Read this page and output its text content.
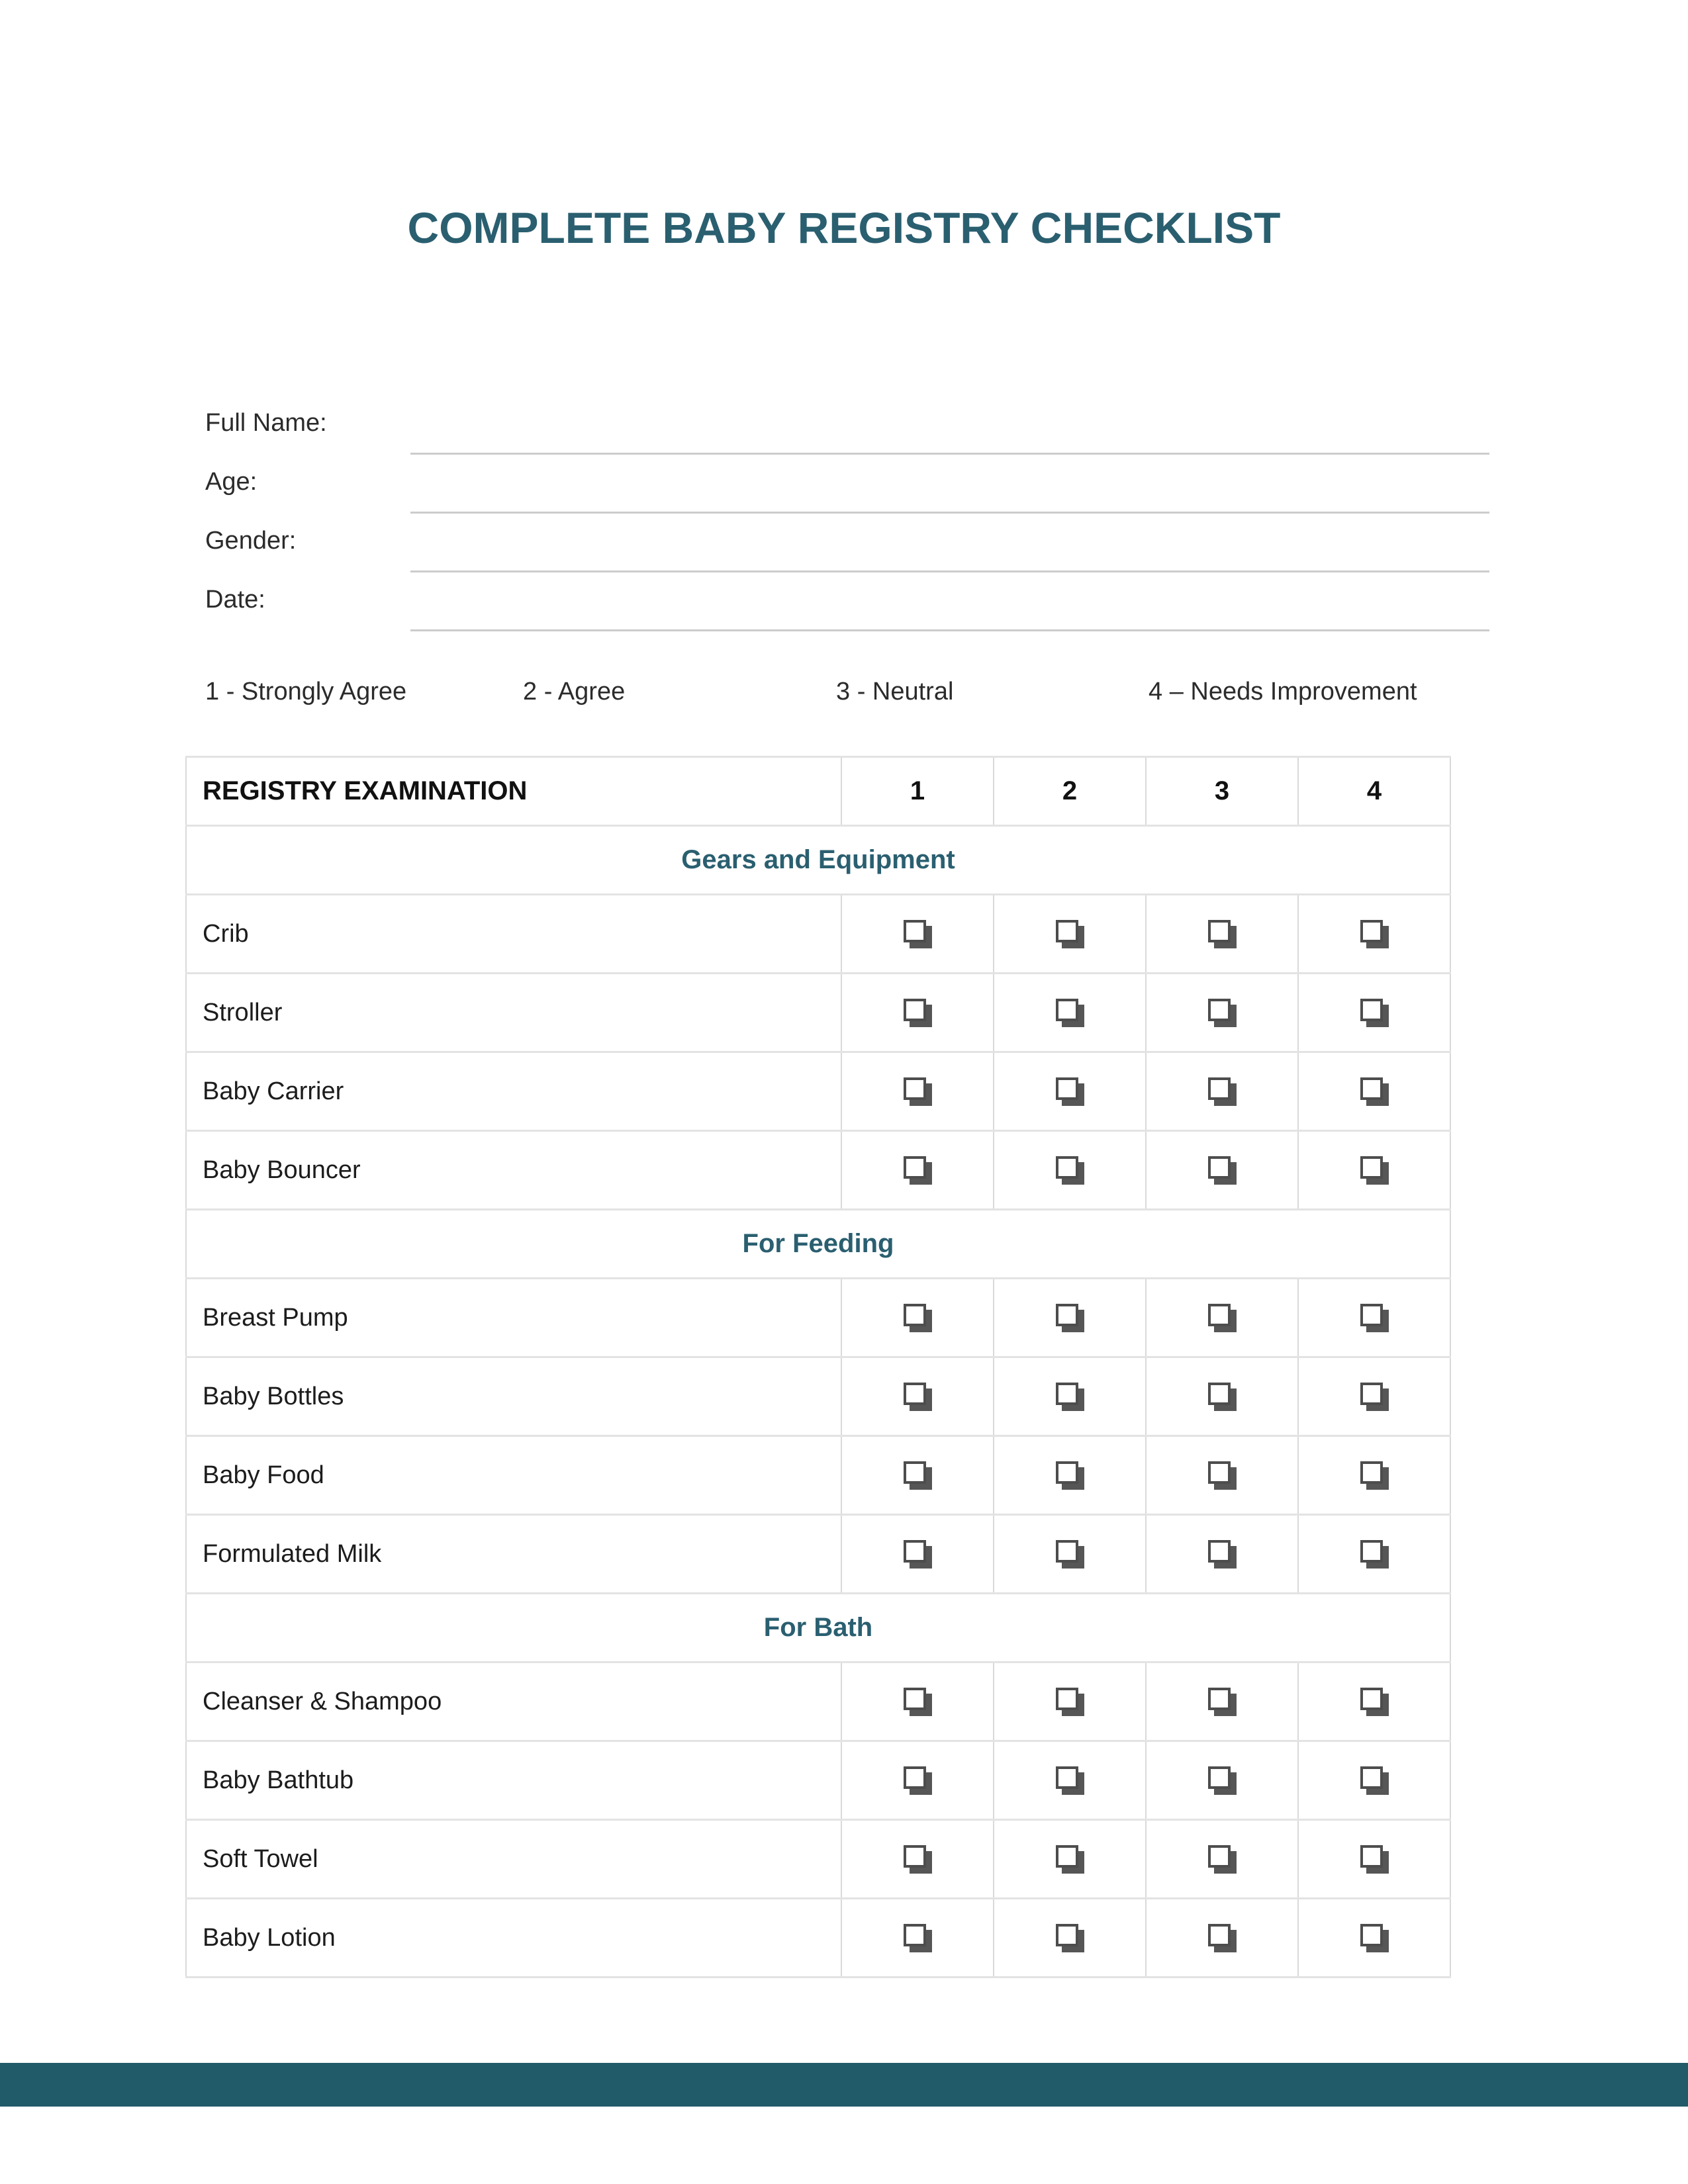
COMPLETE BABY REGISTRY CHECKLIST
Full Name:
Age:
Gender:
Date:
1 - Strongly Agree	2 - Agree	3 - Neutral	4 – Needs Improvement
REGISTRY EXAMINATION	1	2	3	4
Gears and Equipment				
Crib				
Stroller				
Baby Carrier				
Baby Bouncer				
For Feeding				
Breast Pump				
Baby Bottles				
Baby Food				
Formulated Milk				
For Bath				
Cleanser & Shampoo				
Baby Bathtub				
Soft Towel				
Baby Lotion				
